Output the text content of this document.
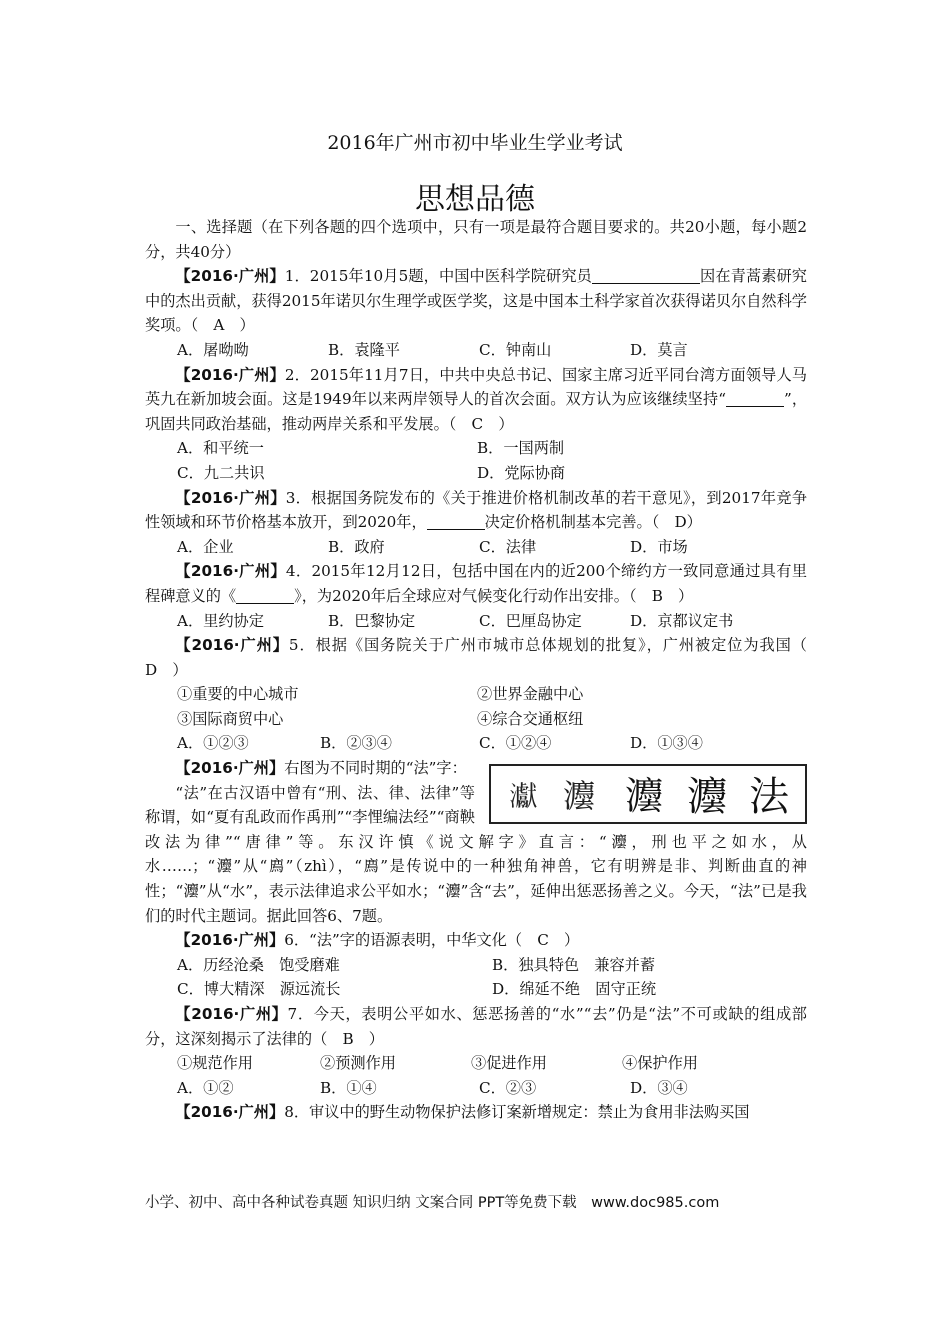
2016年广州市初中毕业生学业考试
思想品德

一、选择题（在下列各题的四个选项中，只有一项是最符合题目要求的。共20小题，每小题2分，共40分）

【2016·广州】1．2015年10月5题，中国中医科学院研究员	因在青蒿素研究中的杰出贡献，获得2015年诺贝尔生理学或医学奖，这是中国本土科学家首次获得诺贝尔自然科学奖项。（　A　）

A．屠呦呦	B．袁隆平	C．钟南山	D．莫言

【2016·广州】2．2015年11月7日，中共中央总书记、国家主席习近平同台湾方面领导人马英九在新加坡会面。这是1949年以来两岸领导人的首次会面。双方认为应该继续坚持“	”，巩固共同政治基础，推动两岸关系和平发展。（　C　）

A．和平统一	B．一国两制
C．九二共识	D．党际协商

【2016·广州】3．根据国务院发布的《关于推进价格机制改革的若干意见》，到2017年竞争性领域和环节价格基本放开，到2020年，	决定价格机制基本完善。（　D）

A．企业	B．政府	C．法律	D．市场

【2016·广州】4．2015年12月12日，包括中国在内的近200个缔约方一致同意通过具有里程碑意义的《	》，为2020年后全球应对气候变化行动作出安排。（　B　）

A．里约协定	B．巴黎协定	C．巴厘岛协定	D．京都议定书

【2016·广州】5．根据《国务院关于广州市城市总体规划的批复》，广州被定位为我国（　D　）

①重要的中心城市	②世界金融中心
③国际商贸中心	④综合交通枢纽
A．①②③	B．②③④	C．①②④	D．①③④
𤅊 灋 灋 灋 法

【2016·广州】右图为不同时期的“法”字：

“法”在古汉语中曾有“刑、法、律、法律”等称谓，如“夏有乱政而作禹刑”“李悝编法经”“商鞅改法为律”“唐律”等。东汉许慎《说文解字》直言：“灋，刑也平之如水，从水……；“灋”从“廌”（zhì），“廌”是传说中的一种独角神兽，它有明辨是非、判断曲直的神性；“灋”从“水”，表示法律追求公平如水；“灋”含“去”，延伸出惩恶扬善之义。今天，“法”已是我们的时代主题词。据此回答6、7题。

【2016·广州】6．“法”字的语源表明，中华文化（　C　）

A．历经沧桑　饱受磨难	B．独具特色　兼容并蓄
C．博大精深　源远流长	D．绵延不绝　固守正统

【2016·广州】7．今天，表明公平如水、惩恶扬善的“水”“去”仍是“法”不可或缺的组成部分，这深刻揭示了法律的（　B　）

①规范作用	②预测作用	③促进作用	④保护作用
A．①②	B．①④	C．②③	D．③④

【2016·广州】8．审议中的野生动物保护法修订案新增规定：禁止为食用非法购买国

小学、初中、高中各种试卷真题 知识归纳 文案合同 PPT等免费下载　www.doc985.com
